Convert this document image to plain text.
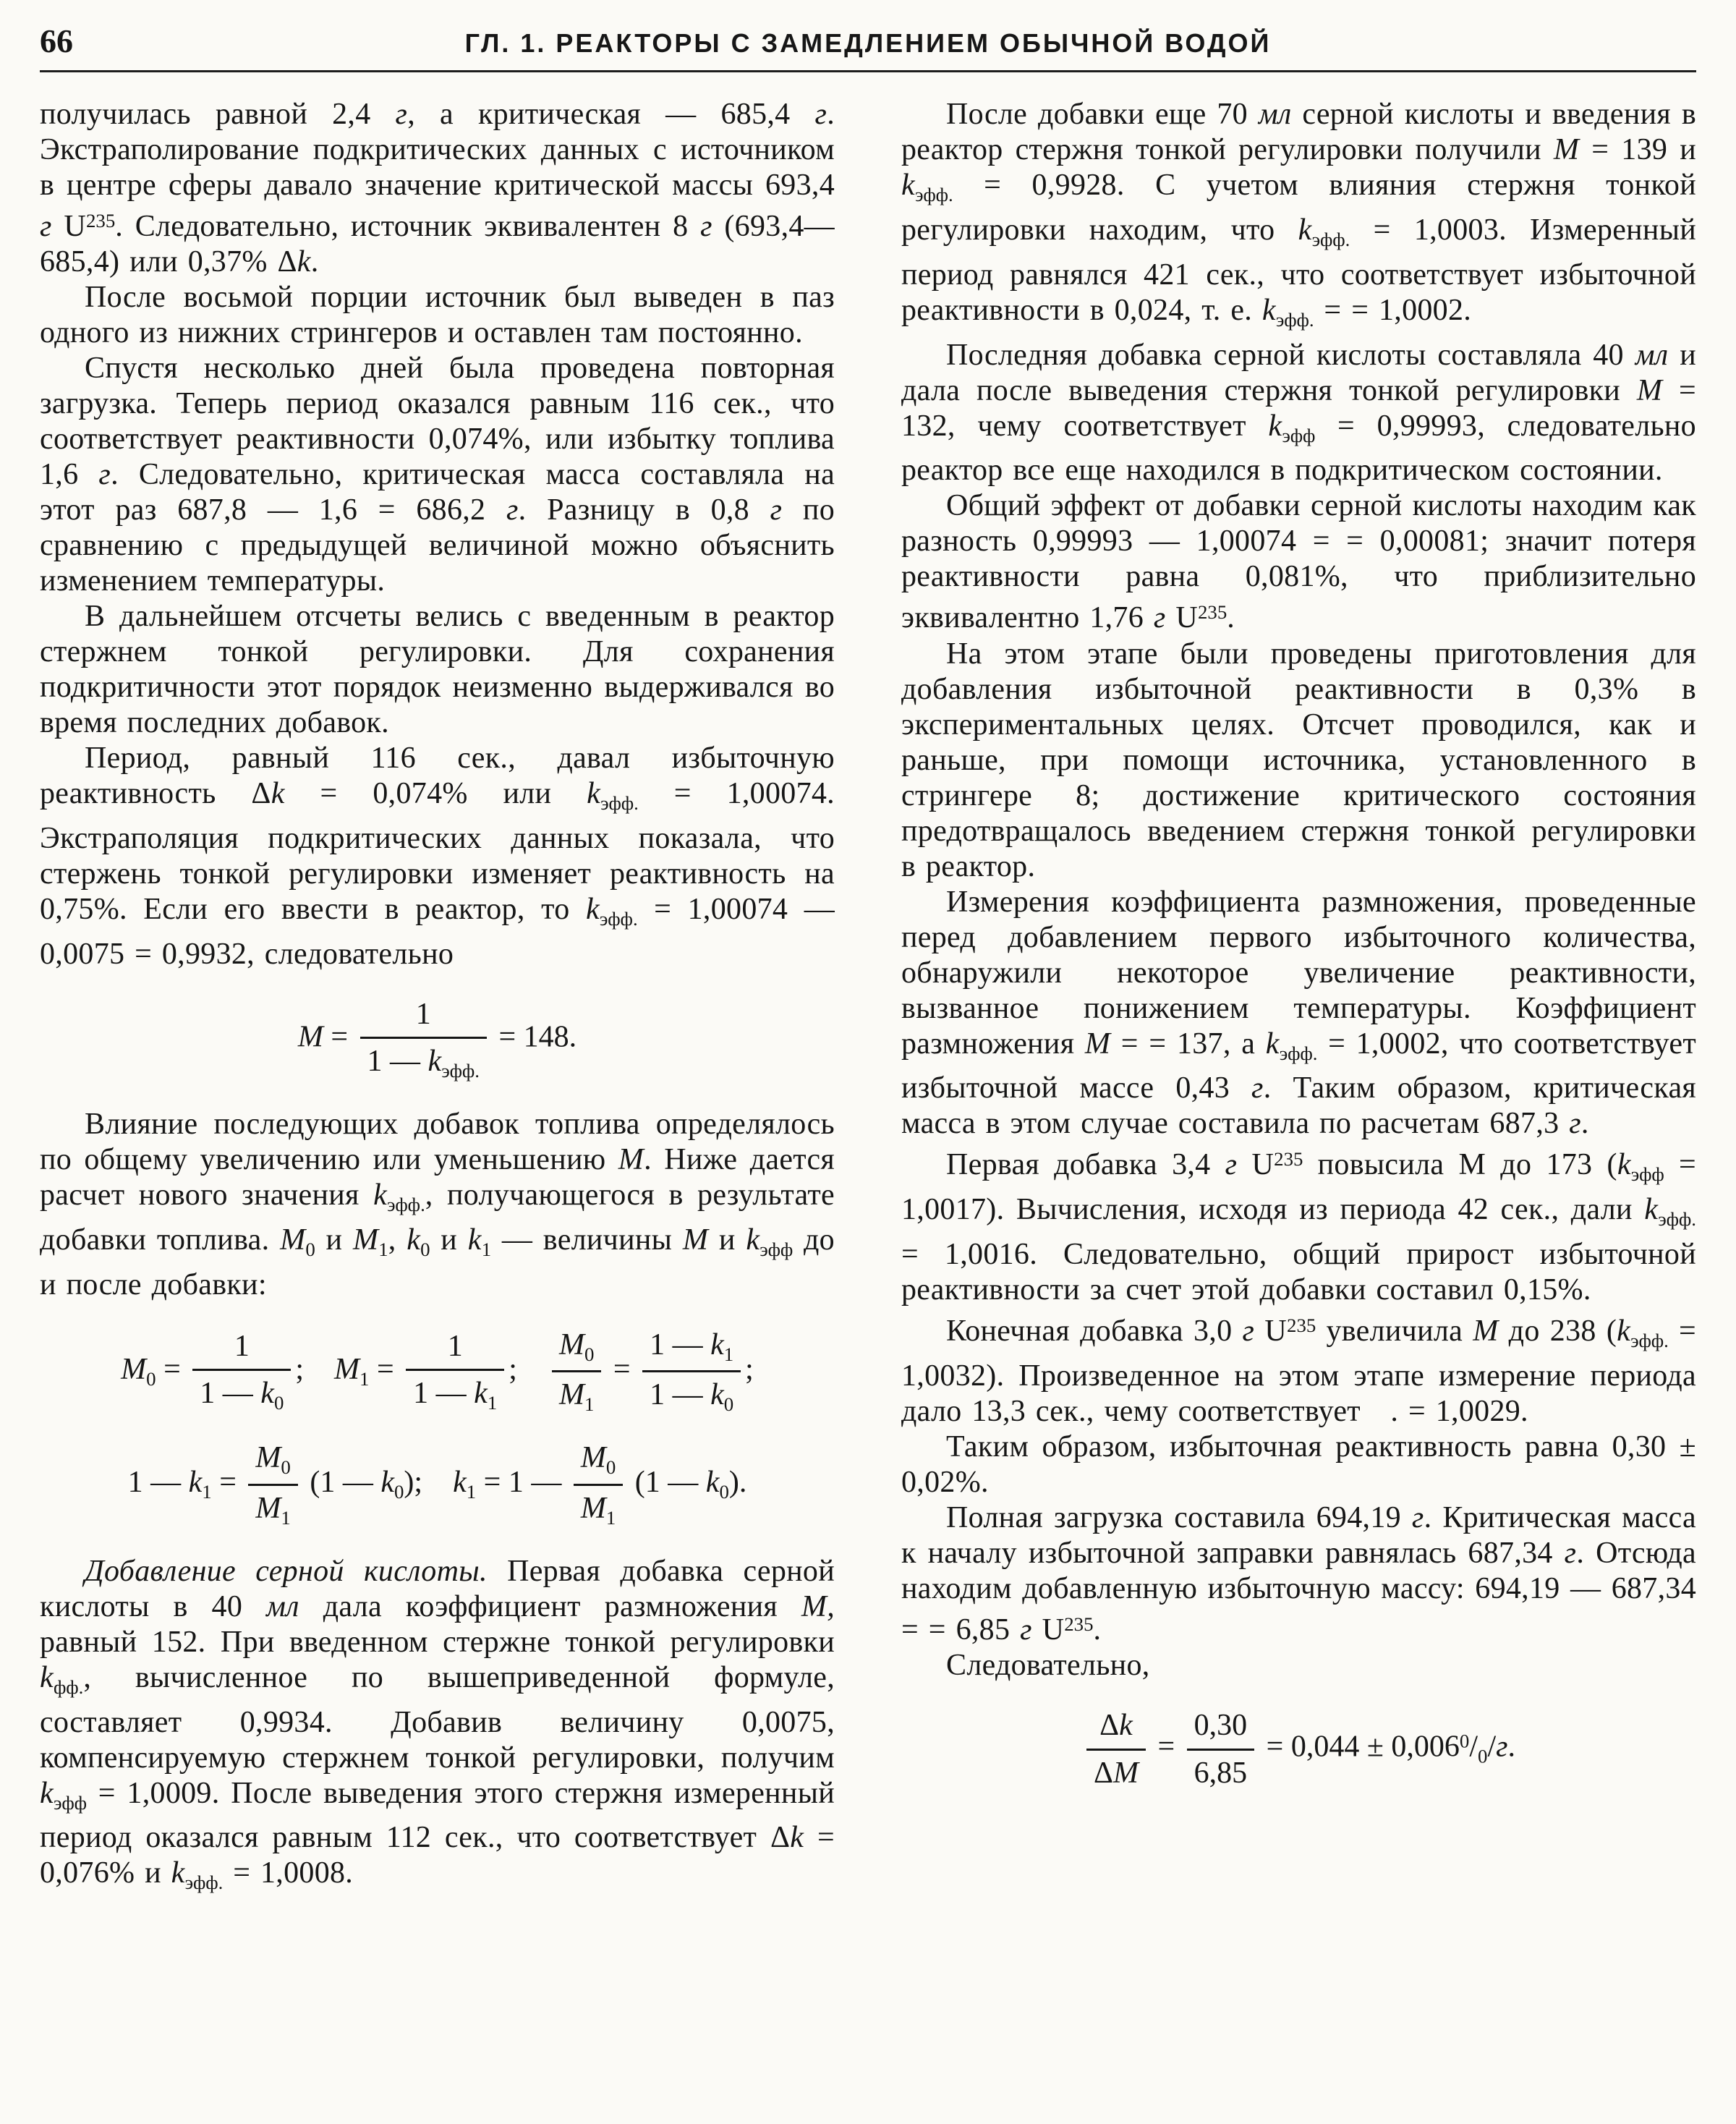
66	ГЛ. 1. РЕАКТОРЫ С ЗАМЕДЛЕНИЕМ ОБЫЧНОЙ ВОДОЙ

получилась равной 2,4 г, а критическая — 685,4 г. Экстраполирование подкритических данных с источником в центре сферы давало значение критической массы 693,4 г $U^{235}$. Следовательно, источник эквивалентен 8 г (693,4—685,4) или 0,37% Δk.

После восьмой порции источник был выведен в паз одного из нижних стрингеров и оставлен там постоянно.

Спустя несколько дней была проведена повторная загрузка. Теперь период оказался равным 116 сек., что соответствует реактивности 0,074%, или избытку топлива 1,6 г. Следовательно, критическая масса составляла на этот раз 687,8 — 1,6 = 686,2 г. Разницу в 0,8 г по сравнению с предыдущей величиной можно объяснить изменением температуры.

В дальнейшем отсчеты велись с введенным в реактор стержнем тонкой регулировки. Для сохранения подкритичности этот порядок неизменно выдерживался во время последних добавок.

Период, равный 116 сек., давал избыточную реактивность Δk = 0,074% или $k_{эфф.} = 1,00074$. Экстраполяция подкритических данных показала, что стержень тонкой регулировки изменяет реактивность на 0,75%. Если его ввести в реактор, то $k_{эфф.} = 1,00074$ — 0,0075 = 0,9932, следовательно

$M = \frac{1}{1 — k_{эфф.}} = 148$.

Влияние последующих добавок топлива определялось по общему увеличению или уменьшению M. Ниже дается расчет нового значения $k_{эфф.}$, получающегося в результате добавки топлива. $M_0$ и $M_1$, $k_0$ и $k_1$ — величины M и $k_{эфф}$ до и после добавки:

$M_0 = \frac{1}{1 — k_0}$ ; $M_1 = \frac{1}{1 — k_1}$ ;  $\frac{M_0}{M_1} = \frac{1 — k_1}{1 — k_0}$ ;
1 — $k_1 = \frac{M_0}{M_1} (1$ — $k_0$); $k_1 = 1$ — $\frac{M_0}{M_1} (1$ — $k_0$).

Добавление серной кислоты. Первая добавка серной кислоты в 40 мл дала коэффициент размножения M, равный 152. При введенном стержне тонкой регулировки $k_{фф.}$, вычисленное по вышеприведенной формуле, составляет 0,9934. Добавив величину 0,0075, компенсируемую стержнем тонкой регулировки, получим $k_{эфф} = 1,0009$. После выведения этого стержня измеренный период оказался равным 112 сек., что соответствует Δk = 0,076% и $k_{эфф.} = 1,0008$.

После добавки еще 70 мл серной кислоты и введения в реактор стержня тонкой регулировки получили M = 139 и $k_{эфф.} = 0,9928$. С учетом влияния стержня тонкой регулировки находим, что $k_{эфф.} = 1,0003$. Измеренный период равнялся 421 сек., что соответствует избыточной реактивности в 0,024, т. е. $k_{эфф.}$ = = 1,0002.

Последняя добавка серной кислоты составляла 40 мл и дала после выведения стержня тонкой регулировки M = 132, чему соответствует $k_{эфф} = 0,99993$, следовательно реактор все еще находился в подкритическом состоянии.

Общий эффект от добавки серной кислоты находим как разность 0,99993 — 1,00074 = = 0,00081; значит потеря реактивности равна 0,081%, что приблизительно эквивалентно 1,76 г $U^{235}$.

На этом этапе были проведены приготовления для добавления избыточной реактивности в 0,3% в экспериментальных целях. Отсчет проводился, как и раньше, при помощи источника, установленного в стрингере 8; достижение критического состояния предотвращалось введением стержня тонкой регулировки в реактор.

Измерения коэффициента размножения, проведенные перед добавлением первого избыточного количества, обнаружили некоторое увеличение реактивности, вызванное понижением температуры. Коэффициент размножения M = = 137, а $k_{эфф.} = 1,0002$, что соответствует избыточной массе 0,43 г. Таким образом, критическая масса в этом случае составила по расчетам 687,3 г.

Первая добавка 3,4 г $U^{235}$ повысила М до 173 $(k_{эфф} = 1,0017)$. Вычисления, исходя из периода 42 сек., дали $k_{эфф.} = 1,0016$. Следовательно, общий прирост избыточной реактивности за счет этой добавки составил 0,15%.

Конечная добавка 3,0 г $U^{235}$ увеличила M до 238 $(k_{эфф.} = 1,0032)$. Произведенное на этом этапе измерение периода дало 13,3 сек., чему соответствует   . = 1,0029.

Таким образом, избыточная реактивность равна 0,30 ± 0,02%.

Полная загрузка составила 694,19 г. Критическая масса к началу избыточной заправки равнялась 687,34 г. Отсюда находим добавленную избыточную массу: 694,19 — 687,34 = = 6,85 г $U^{235}$.

Следовательно,

$\frac{\Delta k}{\Delta M} = \frac{0,30}{6,85} = 0,044 \pm 0,006^0/_0/г$.
